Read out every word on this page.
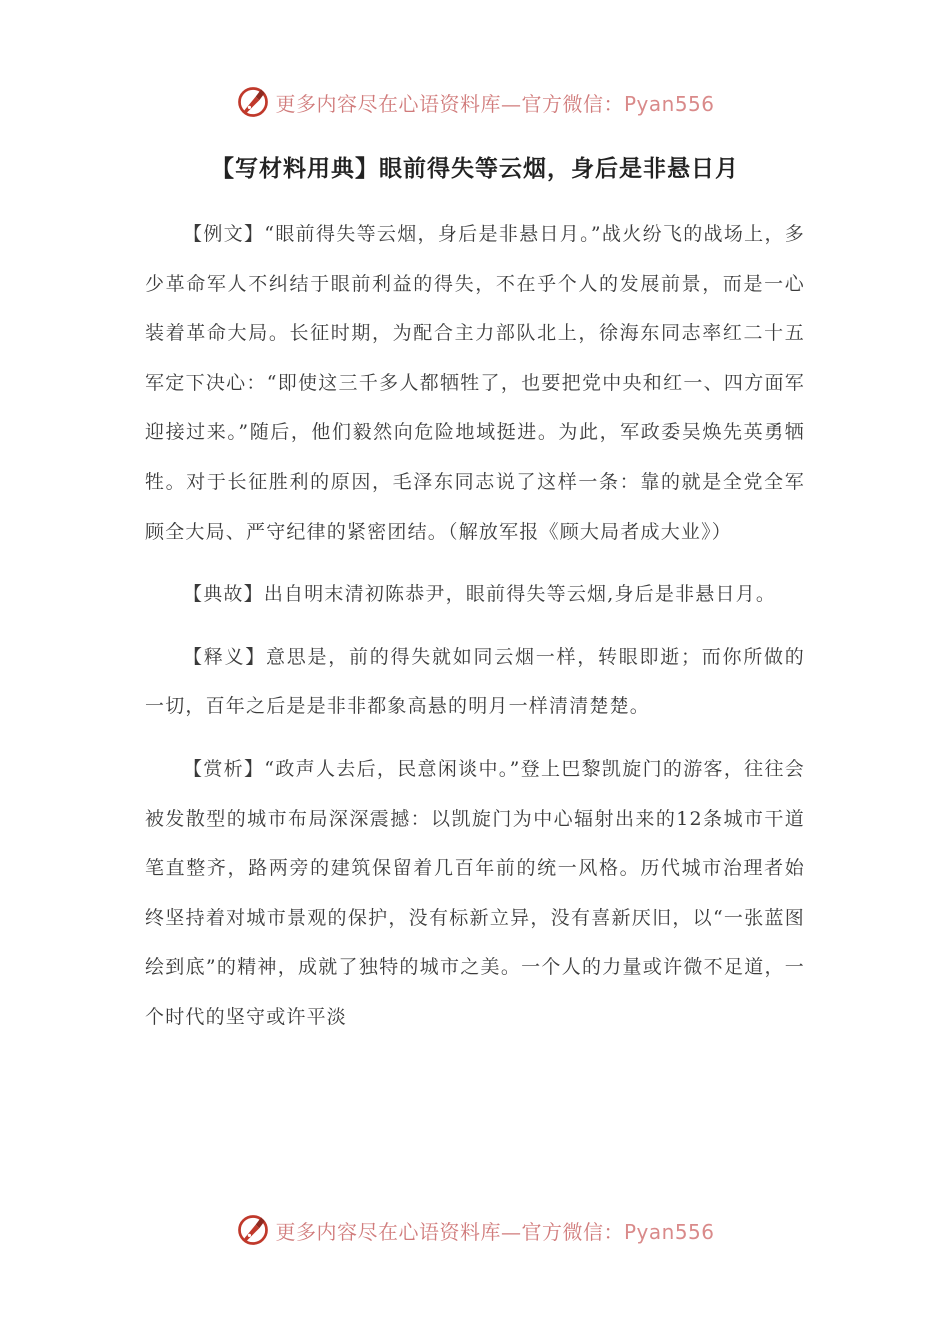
更多内容尽在心语资料库—官方微信：Pyan556
【写材料用典】眼前得失等云烟，身后是非悬日月

【例文】“眼前得失等云烟，身后是非悬日月。”战火纷飞的战场上，多少革命军人不纠结于眼前利益的得失，不在乎个人的发展前景，而是一心装着革命大局。长征时期，为配合主力部队北上，徐海东同志率红二十五军定下决心：“即使这三千多人都牺牲了，也要把党中央和红一、四方面军迎接过来。”随后，他们毅然向危险地域挺进。为此，军政委吴焕先英勇牺牲。对于长征胜利的原因，毛泽东同志说了这样一条：靠的就是全党全军顾全大局、严守纪律的紧密团结。（解放军报《顾大局者成大业》）

【典故】出自明末清初陈恭尹，眼前得失等云烟,身后是非悬日月。

【释义】意思是，前的得失就如同云烟一样，转眼即逝；而你所做的一切，百年之后是是非非都象高悬的明月一样清清楚楚。

【赏析】“政声人去后，民意闲谈中。”登上巴黎凯旋门的游客，往往会被发散型的城市布局深深震撼：以凯旋门为中心辐射出来的12条城市干道笔直整齐，路两旁的建筑保留着几百年前的统一风格。历代城市治理者始终坚持着对城市景观的保护，没有标新立异，没有喜新厌旧，以“一张蓝图绘到底”的精神，成就了独特的城市之美。一个人的力量或许微不足道，一个时代的坚守或许平淡

更多内容尽在心语资料库—官方微信：Pyan556
